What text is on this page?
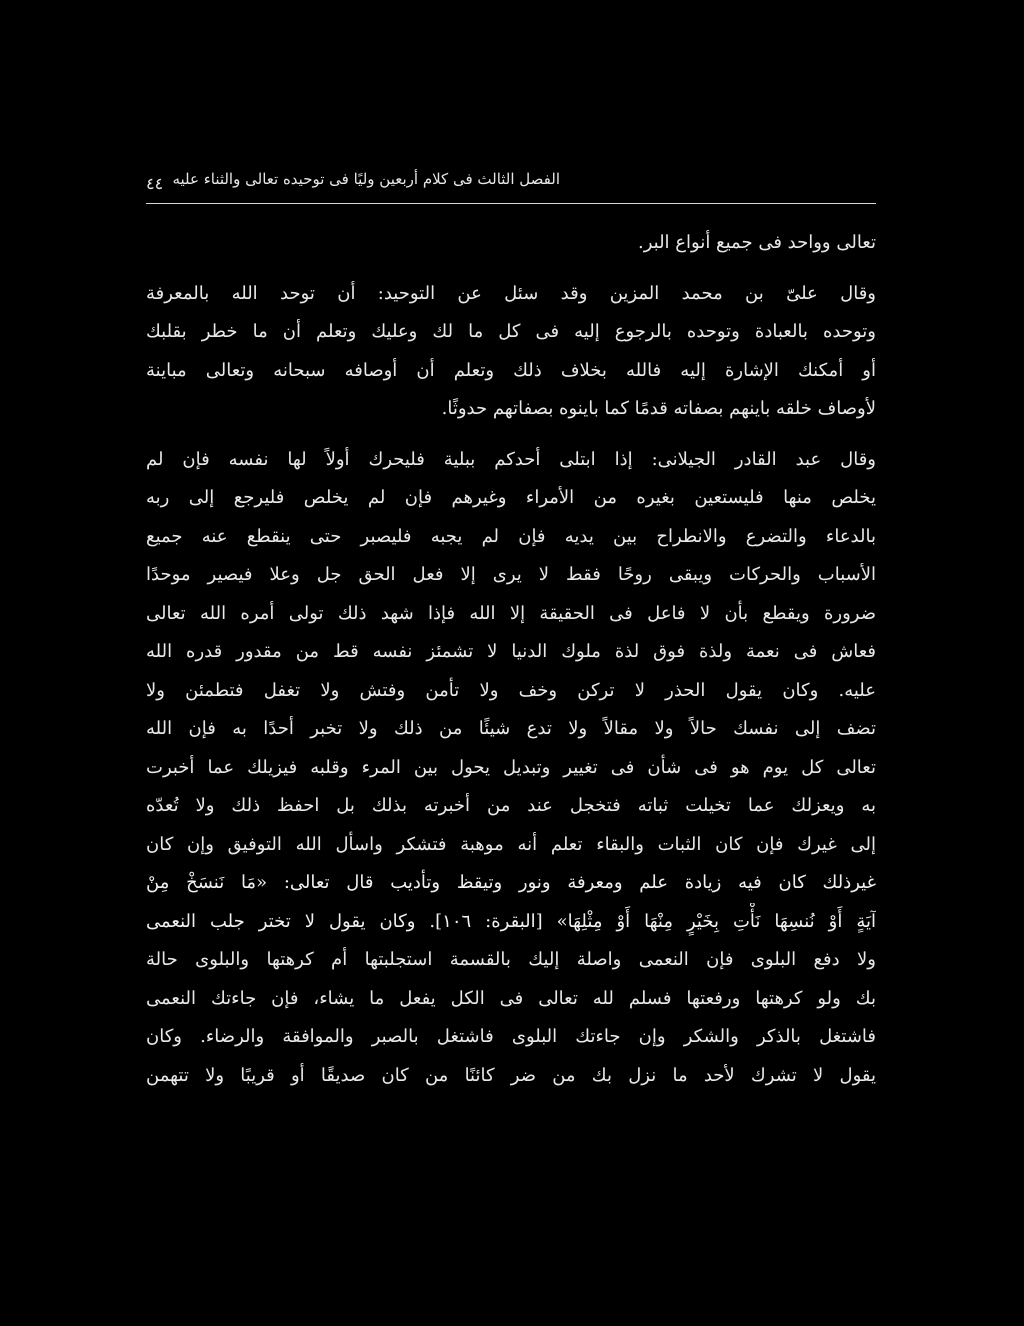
الفصل الثالث فى كلام أربعين وليًا فى توحيده تعالى والثناء عليه
٤٤
تعالى وواحد فى جميع أنواع البر.
وقال علىّ بن محمد المزين وقد سئل عن التوحيد: أن توحد الله بالمعرفة
وتوحده بالعبادة وتوحده بالرجوع إليه فى كل ما لك وعليك وتعلم أن ما خطر بقلبك
أو أمكنك الإشارة إليه فالله بخلاف ذلك وتعلم أن أوصافه سبحانه وتعالى مباينة
لأوصاف خلقه باينهم بصفاته قدمًا كما باينوه بصفاتهم حدوثًا.
وقال عبد القادر الجيلانى: إذا ابتلى أحدكم ببلية فليحرك أولاً لها نفسه فإن لم
يخلص منها فليستعين بغيره من الأمراء وغيرهم فإن لم يخلص فليرجع إلى ربه
بالدعاء والتضرع والانطراح بين يديه فإن لم يجبه فليصبر حتى ينقطع عنه جميع
الأسباب والحركات ويبقى روحًا فقط لا يرى إلا فعل الحق جل وعلا فيصير موحدًا
ضرورة ويقطع بأن لا فاعل فى الحقيقة إلا الله فإذا شهد ذلك تولى أمره الله تعالى
فعاش فى نعمة ولذة فوق لذة ملوك الدنيا لا تشمئز نفسه قط من مقدور قدره الله
عليه. وكان يقول الحذر لا تركن وخف ولا تأمن وفتش ولا تغفل فتطمئن ولا
تضف إلى نفسك حالاً ولا مقالاً ولا تدع شيئًا من ذلك ولا تخبر أحدًا به فإن الله
تعالى كل يوم هو فى شأن فى تغيير وتبديل يحول بين المرء وقلبه فيزيلك عما أخبرت
به ويعزلك عما تخيلت ثباته فتخجل عند من أخبرته بذلك بل احفظ ذلك ولا تُعدّه
إلى غيرك فإن كان الثبات والبقاء تعلم أنه موهبة فتشكر واسأل الله التوفيق وإن كان
غيرذلك كان فيه زيادة علم ومعرفة ونور وتيقظ وتأديب قال تعالى: «مَا نَنسَخْ مِنْ
آيَةٍ أَوْ نُنسِهَا نَأْتِ بِخَيْرٍ مِنْهَا أَوْ مِثْلِهَا» [البقرة: ١٠٦]. وكان يقول لا تختر جلب النعمى
ولا دفع البلوى فإن النعمى واصلة إليك بالقسمة استجلبتها أم كرهتها والبلوى حالة
بك ولو كرهتها ورفعتها فسلم لله تعالى فى الكل يفعل ما يشاء، فإن جاءتك النعمى
فاشتغل بالذكر والشكر وإن جاءتك البلوى فاشتغل بالصبر والموافقة والرضاء. وكان
يقول لا تشرك لأحد ما نزل بك من ضر كائنًا من كان صديقًا أو قريبًا ولا تتهمن
